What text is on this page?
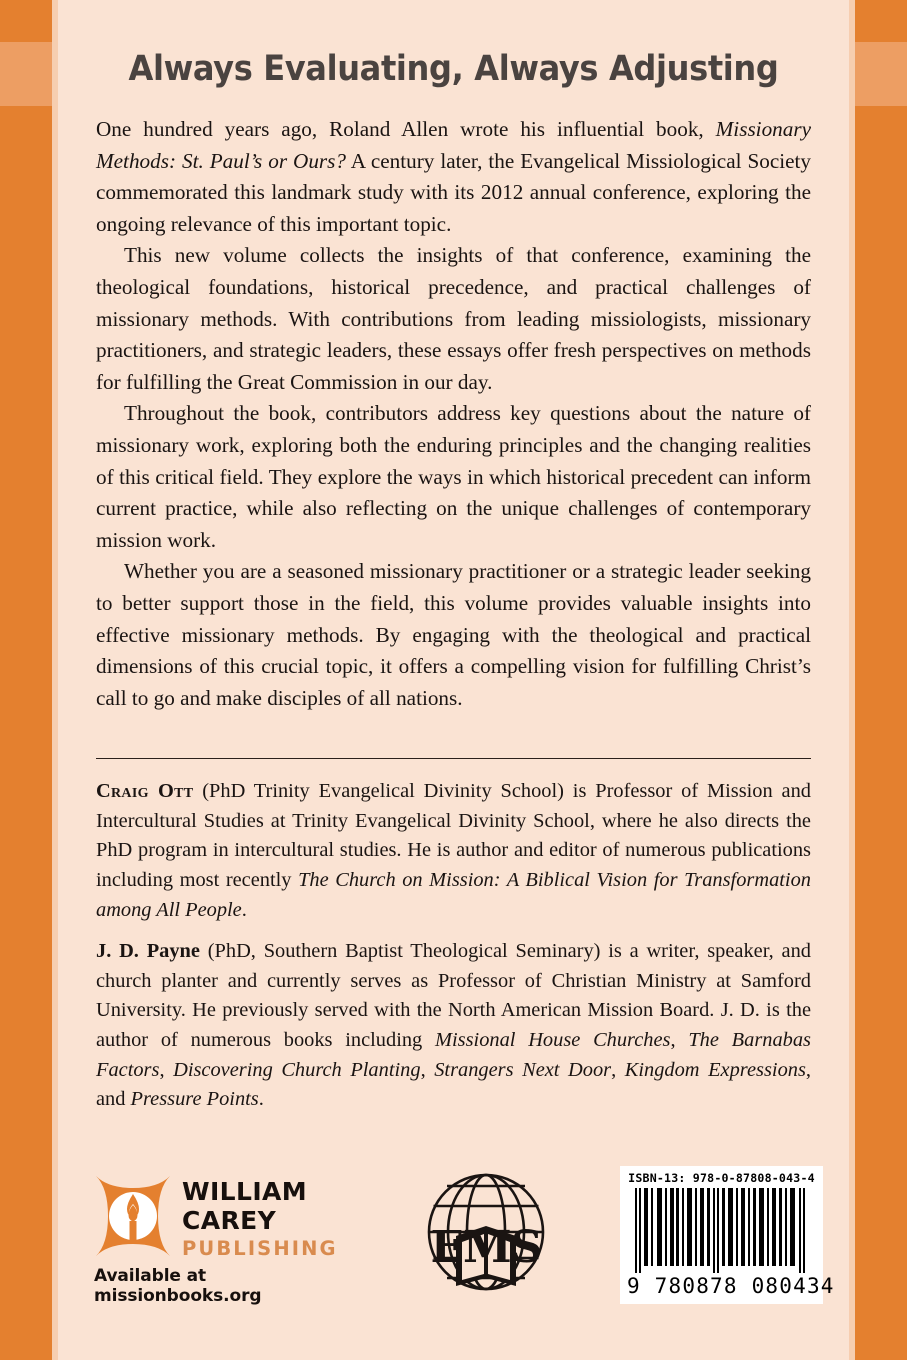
Always Evaluating, Always Adjusting

One hundred years ago, Roland Allen wrote his influential book, Missionary Methods: St. Paul’s or Ours? A century later, the Evangelical Missiological Society commemorated this landmark study with its 2012 annual conference, exploring the ongoing relevance of this important topic.

This new volume collects the insights of that conference, examining the theological foundations, historical precedence, and practical challenges of missionary methods. With contributions from leading missiologists, missionary practitioners, and strategic leaders, these essays offer fresh perspectives on methods for fulfilling the Great Commission in our day.

Throughout the book, contributors address key questions about the nature of missionary work, exploring both the enduring principles and the changing realities of this critical field. They explore the ways in which historical precedent can inform current practice, while also reflecting on the unique challenges of contemporary mission work.

Whether you are a seasoned missionary practitioner or a strategic leader seeking to better support those in the field, this volume provides valuable insights into effective missionary methods. By engaging with the theological and practical dimensions of this crucial topic, it offers a compelling vision for fulfilling Christ’s call to go and make disciples of all nations.

Craig Ott (PhD Trinity Evangelical Divinity School) is Professor of Mission and Intercultural Studies at Trinity Evangelical Divinity School, where he also directs the PhD program in intercultural studies. He is author and editor of numerous publications including most recently The Church on Mission: A Biblical Vision for Transformation among All People.

J. D. Payne (PhD, Southern Baptist Theological Seminary) is a writer, speaker, and church planter and currently serves as Professor of Christian Ministry at Samford University. He previously served with the North American Mission Board. J. D. is the author of numerous books including Missional House Churches, The Barnabas Factors, Discovering Church Planting, Strangers Next Door, Kingdom Expressions, and Pressure Points.

WILLIAM
CAREY
PUBLISHING
Available at missionbooks.org
EMS
ISBN-13: 978-0-87808-043-4
9 780878 080434
